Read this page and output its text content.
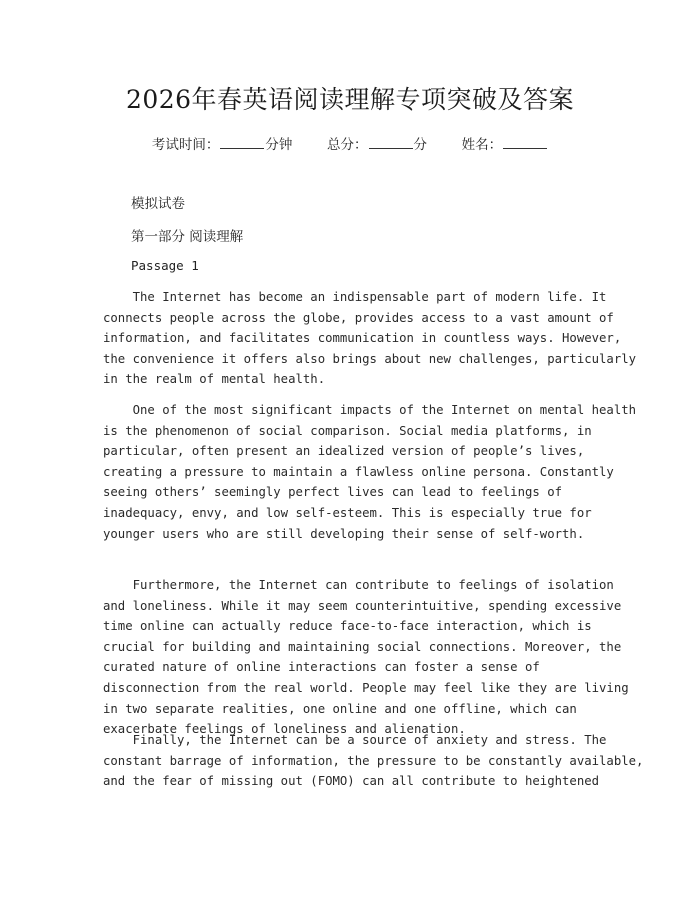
2026年春英语阅读理解专项突破及答案
考试时间：	分钟	总分：	分	姓名：
模拟试卷
第一部分 阅读理解
Passage 1
The Internet has become an indispensable part of modern life. It
connects people across the globe, provides access to a vast amount of
information, and facilitates communication in countless ways. However,
the convenience it offers also brings about new challenges, particularly
in the realm of mental health.
One of the most significant impacts of the Internet on mental health
is the phenomenon of social comparison. Social media platforms, in
particular, often present an idealized version of people’s lives,
creating a pressure to maintain a flawless online persona. Constantly
seeing others’ seemingly perfect lives can lead to feelings of
inadequacy, envy, and low self-esteem. This is especially true for
younger users who are still developing their sense of self-worth.
Furthermore, the Internet can contribute to feelings of isolation
and loneliness. While it may seem counterintuitive, spending excessive
time online can actually reduce face-to-face interaction, which is
crucial for building and maintaining social connections. Moreover, the
curated nature of online interactions can foster a sense of
disconnection from the real world. People may feel like they are living
in two separate realities, one online and one offline, which can
exacerbate feelings of loneliness and alienation.
Finally, the Internet can be a source of anxiety and stress. The
constant barrage of information, the pressure to be constantly available,
and the fear of missing out (FOMO) can all contribute to heightened
